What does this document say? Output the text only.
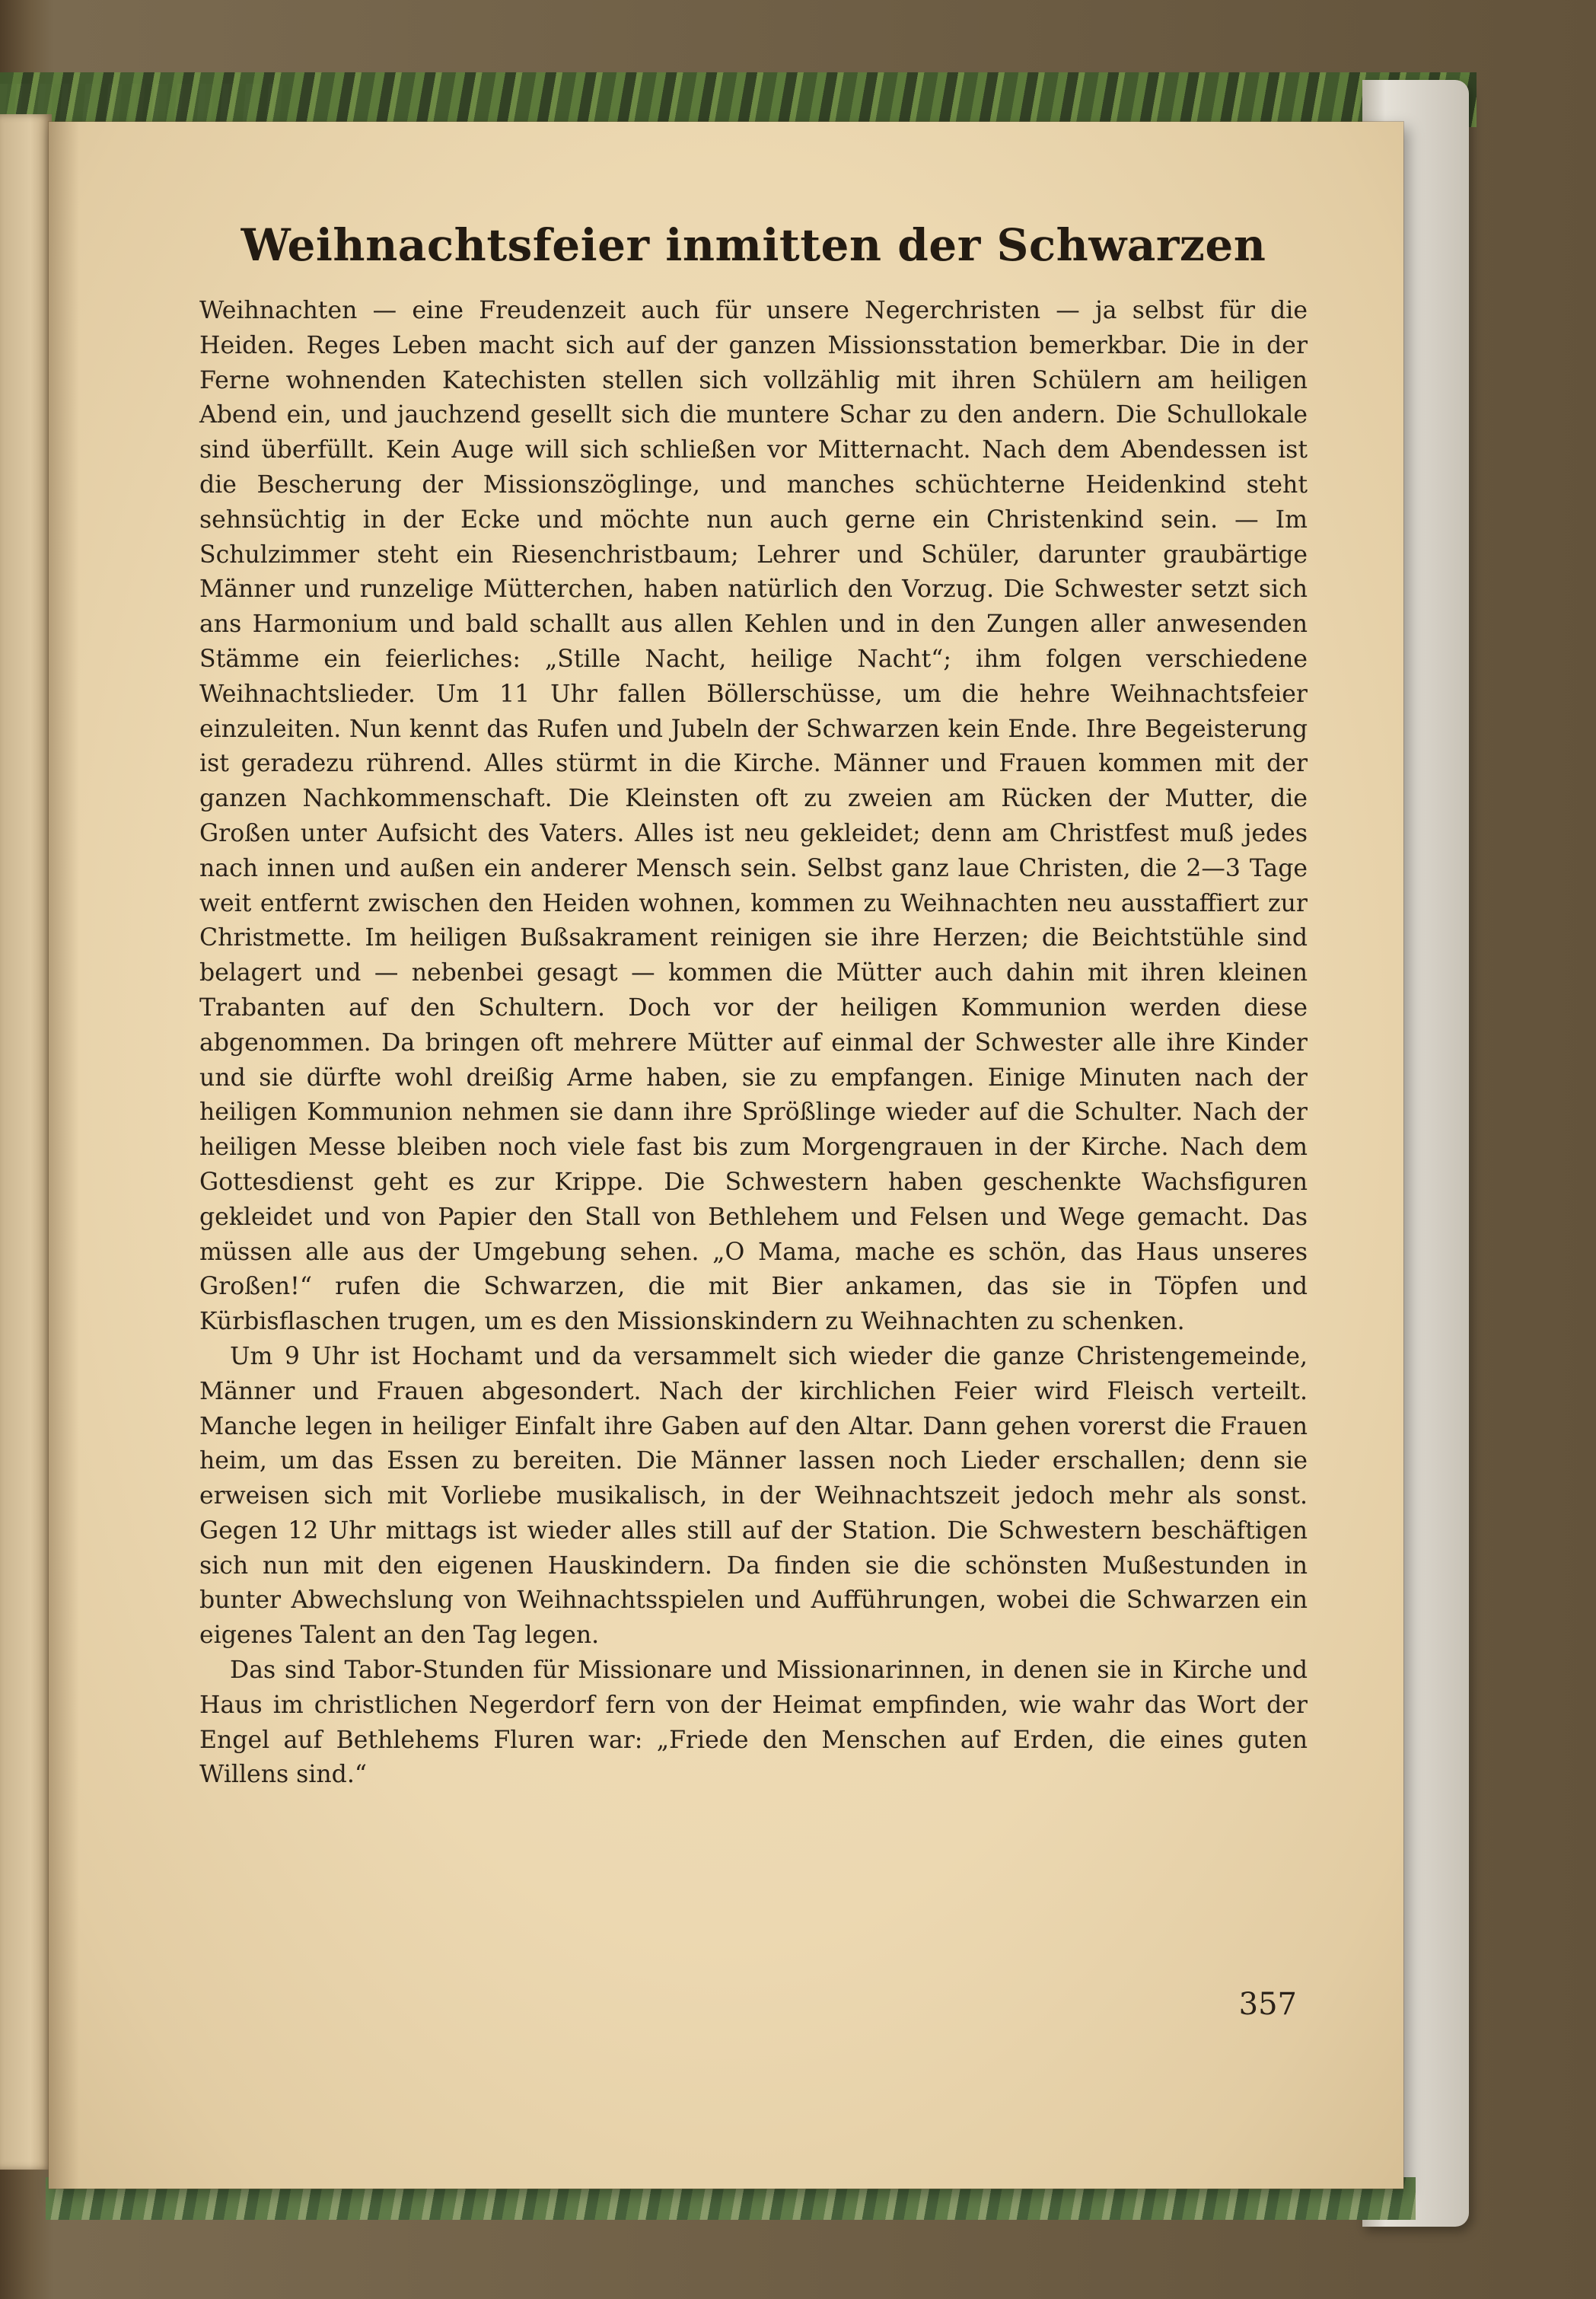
Weihnachtsfeier inmitten der Schwarzen

Weihnachten — eine Freudenzeit auch für unsere Negerchristen — ja selbst für die Heiden. Reges Leben macht sich auf der ganzen Missionsstation bemerkbar. Die in der Ferne wohnenden Katechisten stellen sich vollzählig mit ihren Schülern am heiligen Abend ein, und jauchzend gesellt sich die muntere Schar zu den andern. Die Schullokale sind überfüllt. Kein Auge will sich schließen vor Mitternacht. Nach dem Abendessen ist die Bescherung der Missionszöglinge, und manches schüchterne Heidenkind steht sehnsüchtig in der Ecke und möchte nun auch gerne ein Christenkind sein. — Im Schulzimmer steht ein Riesenchristbaum; Lehrer und Schüler, darunter graubärtige Männer und runzelige Mütterchen, haben natürlich den Vorzug. Die Schwester setzt sich ans Harmonium und bald schallt aus allen Kehlen und in den Zungen aller anwesenden Stämme ein feierliches: „Stille Nacht, heilige Nacht“; ihm folgen verschiedene Weihnachtslieder. Um 11 Uhr fallen Böllerschüsse, um die hehre Weihnachtsfeier einzuleiten. Nun kennt das Rufen und Jubeln der Schwarzen kein Ende. Ihre Begeisterung ist geradezu rührend. Alles stürmt in die Kirche. Männer und Frauen kommen mit der ganzen Nachkommenschaft. Die Kleinsten oft zu zweien am Rücken der Mutter, die Großen unter Aufsicht des Vaters. Alles ist neu gekleidet; denn am Christfest muß jedes nach innen und außen ein anderer Mensch sein. Selbst ganz laue Christen, die 2—3 Tage weit entfernt zwischen den Heiden wohnen, kommen zu Weihnachten neu ausstaffiert zur Christmette. Im heiligen Bußsakrament reinigen sie ihre Herzen; die Beichtstühle sind belagert und — nebenbei gesagt — kommen die Mütter auch dahin mit ihren kleinen Trabanten auf den Schultern. Doch vor der heiligen Kommunion werden diese abgenommen. Da bringen oft mehrere Mütter auf einmal der Schwester alle ihre Kinder und sie dürfte wohl dreißig Arme haben, sie zu empfangen. Einige Minuten nach der heiligen Kommunion nehmen sie dann ihre Sprößlinge wieder auf die Schulter. Nach der heiligen Messe bleiben noch viele fast bis zum Morgengrauen in der Kirche. Nach dem Gottesdienst geht es zur Krippe. Die Schwestern haben geschenkte Wachsfiguren gekleidet und von Papier den Stall von Bethlehem und Felsen und Wege gemacht. Das müssen alle aus der Umgebung sehen. „O Mama, mache es schön, das Haus unseres Großen!“ rufen die Schwarzen, die mit Bier ankamen, das sie in Töpfen und Kürbisflaschen trugen, um es den Missionskindern zu Weihnachten zu schenken.

Um 9 Uhr ist Hochamt und da versammelt sich wieder die ganze Christengemeinde, Männer und Frauen abgesondert. Nach der kirchlichen Feier wird Fleisch verteilt. Manche legen in heiliger Einfalt ihre Gaben auf den Altar. Dann gehen vorerst die Frauen heim, um das Essen zu bereiten. Die Männer lassen noch Lieder erschallen; denn sie erweisen sich mit Vorliebe musikalisch, in der Weihnachtszeit jedoch mehr als sonst. Gegen 12 Uhr mittags ist wieder alles still auf der Station. Die Schwestern beschäftigen sich nun mit den eigenen Hauskindern. Da finden sie die schönsten Mußestunden in bunter Abwechslung von Weihnachtsspielen und Aufführungen, wobei die Schwarzen ein eigenes Talent an den Tag legen.

Das sind Tabor-Stunden für Missionare und Missionarinnen, in denen sie in Kirche und Haus im christlichen Negerdorf fern von der Heimat empfinden, wie wahr das Wort der Engel auf Bethlehems Fluren war: „Friede den Menschen auf Erden, die eines guten Willens sind.“

357
